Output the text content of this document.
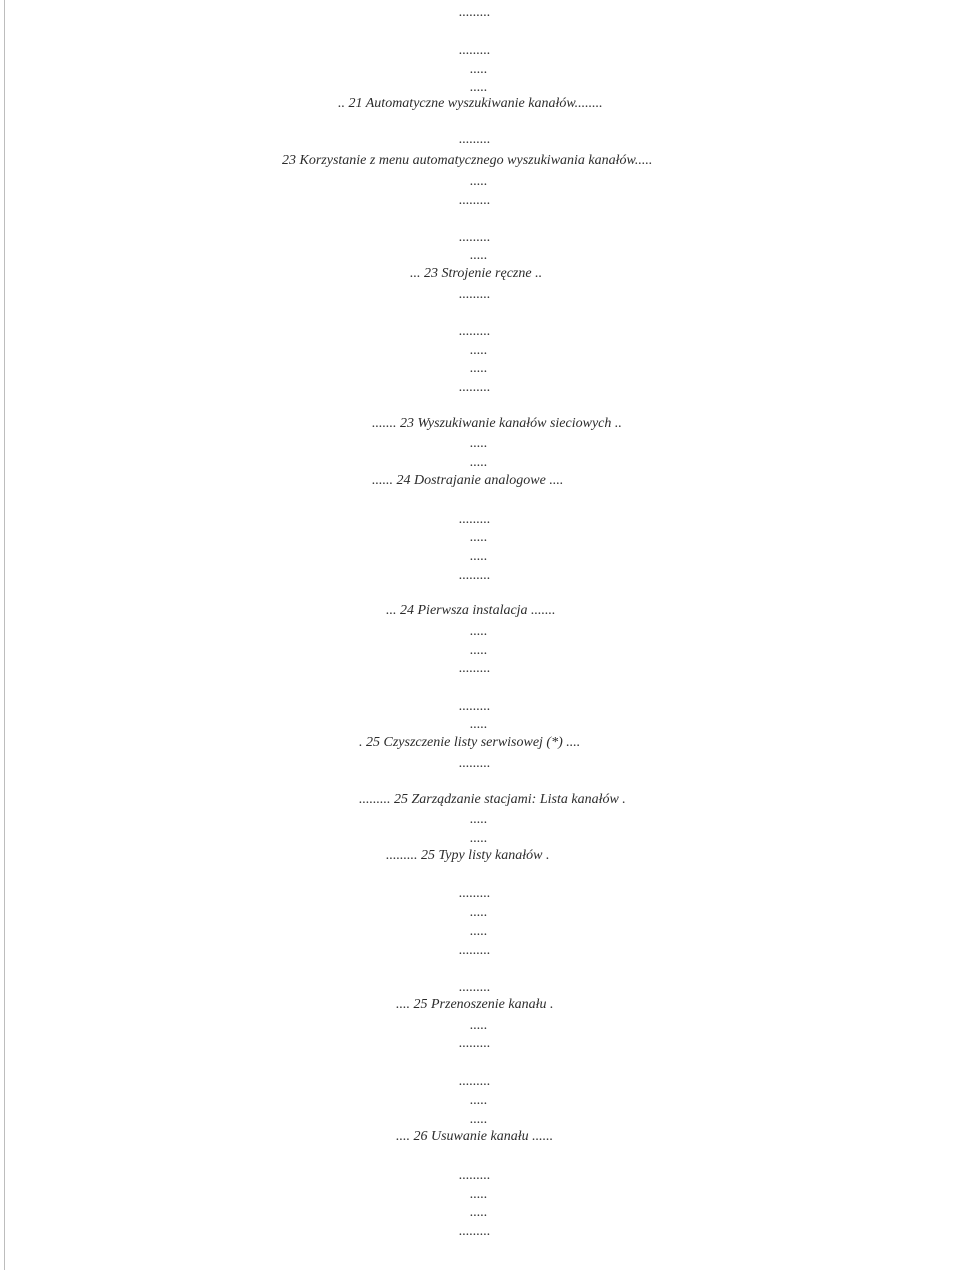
.........
.........
.....
.....
.. 21 Automatyczne wyszukiwanie kanałów........
.........
23 Korzystanie z menu automatycznego wyszukiwania kanałów.....
.....
.........
.........
.....
... 23 Strojenie ręczne ..
.........
.........
.....
.....
.........
....... 23 Wyszukiwanie kanałów sieciowych ..
.....
.....
...... 24 Dostrajanie analogowe ....
.........
.....
.....
.........
... 24 Pierwsza instalacja .......
.....
.....
.........
.........
.....
. 25 Czyszczenie listy serwisowej (*) ....
.........
......... 25 Zarządzanie stacjami: Lista kanałów .
.....
.....
......... 25 Typy listy kanałów .
.........
.....
.....
.........
.........
.... 25 Przenoszenie kanału .
.....
.........
.........
.....
.....
.... 26 Usuwanie kanału ......
.........
.....
.....
.........
